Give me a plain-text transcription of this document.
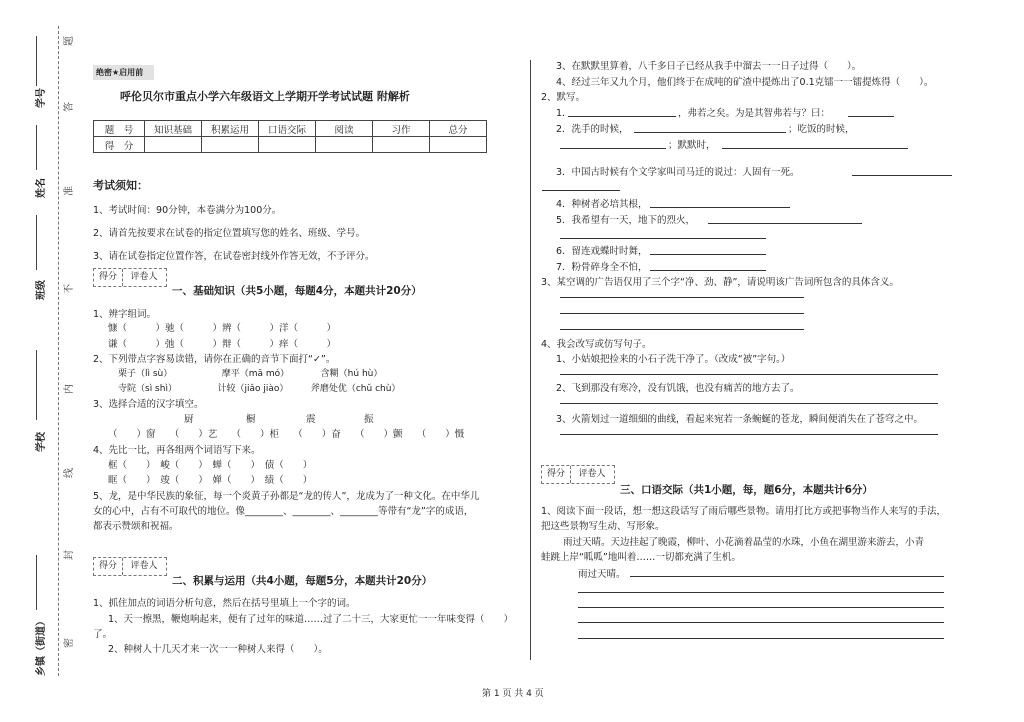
学号
姓名
班级
学校
乡镇（街道）
题
答
准
不
内
线
封
密
绝密★启用前
呼伦贝尔市重点小学六年级语文上学期开学考试试题 附解析
题　号	知识基础	积累运用	口语交际	阅读	习作	总分
得　分						
考试须知：
1、考试时间：90分钟，本卷满分为100分。
2、请首先按要求在试卷的指定位置填写您的姓名、班级、学号。
3、请在试卷指定位置作答，在试卷密封线外作答无效，不予评分。
得分 评卷人
一、基础知识（共5小题，每题4分，本题共计20分）
1、辨字组词。
慷（　　　）驰（　　　）辨（　　　）洋（　　　）
谦（　　　）弛（　　　）辩（　　　）痒（　　　）
2、下列带点字容易读错，请你在正确的音节下面打“✓”。
栗子（lì sù）　　　　　　摩平（mā mó）　　　　含糊（hú hù）
寺院（sì shì）　　　　　计较（jiǎo jiào）　　　斧磨处优（chǔ chù）
3、选择合适的汉字填空。
厨	橱	震	振
（　　）窗　　（　　）艺　　（　　）柜　　（　　）奋　　（　　）颤　　（　　）慑
4、先比一比，再各组两个词语写下来。
框（　　）　峻（　　）　蝉（　　）　债（　　）
眶（　　）　竣（　　）　婵（　　）　绩（　　）
5、龙，是中华民族的象征，每一个炎黄子孙都是“龙的传人”，龙成为了一种文化。在中华儿
女的心中，占有不可取代的地位。像________、________、________等带有“龙”字的成语，
都表示赞颂和祝福。
得分 评卷人
二、积累与运用（共4小题，每题5分，本题共计20分）
1、抓住加点的词语分析句意，然后在括号里填上一个字的词。
1、天一擦黑，鞭炮响起来，便有了过年的味道……过了二十三，大家更忙一一年味变得（　　）
了。
2、种树人十几天才来一次一一种树人来得（　　）。
3、在默默里算着，八千多日子已经从我手中溜去一一日子过得（　　）。
4、经过三年又九个月，他们终于在成吨的矿渣中提炼出了0.1克镭一一镭提炼得（　　）。
2、默写。
1．	，弗若之矣。为是其智弗若与？曰：
2．洗手的时候，	；吃饭的时候，
；默默时，
3．中国古时候有个文学家叫司马迁的说过：人固有一死。
4．种树者必培其根，
5．我希望有一天，地下的烈火，
6．留连戏蝶时时舞，
7．粉骨碎身全不怕，
3、某空调的广告语仅用了三个字“净、劲、静”，请说明该广告词所包含的具体含义。
4、我会改写或仿写句子。
1、小姑娘把捡来的小石子洗干净了。（改成“被”字句。）
2、飞到那没有寒冷，没有饥饿，也没有痛苦的地方去了。
3、火箭划过一道细細的曲线，看起来宛若一条蜿蜒的苍龙，瞬间便消失在了苍穹之中。
得分 评卷人
三、口语交际（共1小题，每，题6分，本题共计6分）
1、阅读下面一段话，想一想这段话写了雨后哪些景物。请用打比方或把事物当作人来写的手法，
把这些景物写生动、写形象。
雨过天晴。天边挂起了晚霞，柳叶、小花滴着晶莹的水珠，小鱼在湖里游来游去，小青
蛙跳上岸“呱呱”地叫着……一切都充满了生机。
雨过天晴。
第 1 页 共 4 页
